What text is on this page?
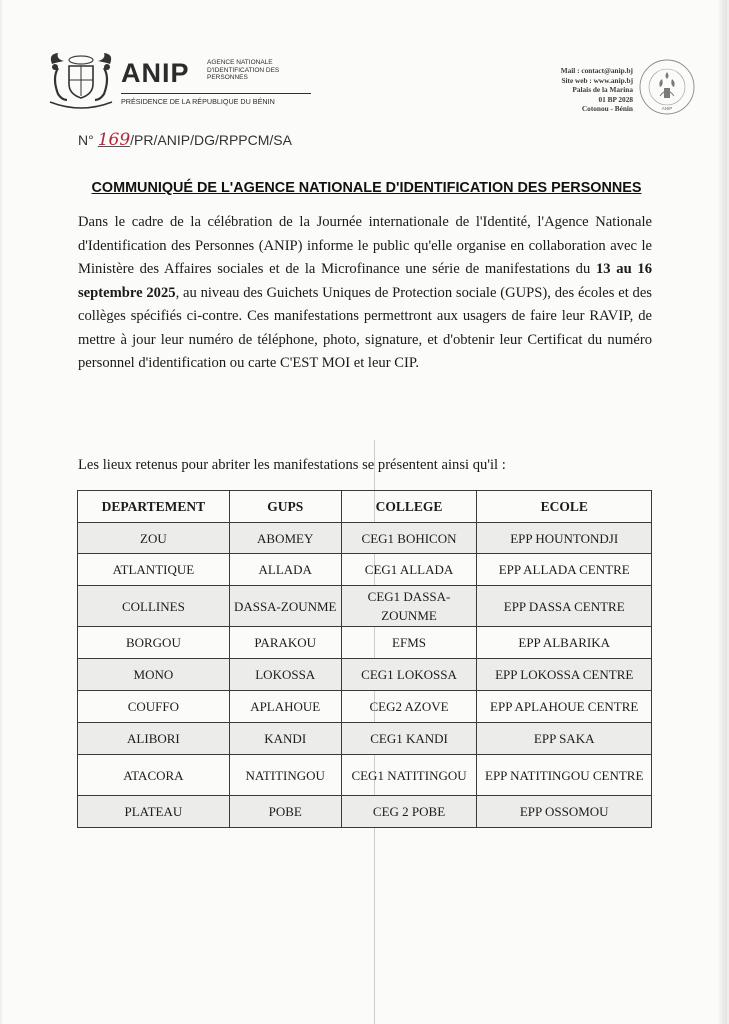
ANIP	AGENCE NATIONALE
D'IDENTIFICATION DES
PERSONNES
PRÉSIDENCE DE LA RÉPUBLIQUE DU BÉNIN
Mail : contact@anip.bj
Site web : www.anip.bj
Palais de la Marina
01 BP 2028
Cotonou - Bénin	ANIP
N° 169/PR/ANIP/DG/RPPCM/SA
COMMUNIQUÉ DE L'AGENCE NATIONALE D'IDENTIFICATION DES PERSONNES
Dans le cadre de la célébration de la Journée internationale de l'Identité, l'Agence Nationale d'Identification des Personnes (ANIP) informe le public qu'elle organise en collaboration avec le Ministère des Affaires sociales et de la Microfinance une série de manifestations du 13 au 16 septembre 2025, au niveau des Guichets Uniques de Protection sociale (GUPS), des écoles et des collèges spécifiés ci-contre. Ces manifestations permettront aux usagers de faire leur RAVIP, de mettre à jour leur numéro de téléphone, photo, signature, et d'obtenir leur Certificat du numéro personnel d'identification ou carte C'EST MOI et leur CIP.
Les lieux retenus pour abriter les manifestations se présentent ainsi qu'il :
DEPARTEMENT	GUPS	COLLEGE	ECOLE
ZOU	ABOMEY	CEG1 BOHICON	EPP HOUNTONDJI
ATLANTIQUE	ALLADA	CEG1 ALLADA	EPP ALLADA CENTRE
COLLINES	DASSA-ZOUNME	CEG1 DASSA-ZOUNME	EPP DASSA CENTRE
BORGOU	PARAKOU	EFMS	EPP ALBARIKA
MONO	LOKOSSA	CEG1 LOKOSSA	EPP LOKOSSA CENTRE
COUFFO	APLAHOUE	CEG2 AZOVE	EPP APLAHOUE CENTRE
ALIBORI	KANDI	CEG1 KANDI	EPP SAKA
ATACORA	NATITINGOU	CEG1 NATITINGOU	EPP NATITINGOU CENTRE
PLATEAU	POBE	CEG 2 POBE	EPP OSSOMOU
